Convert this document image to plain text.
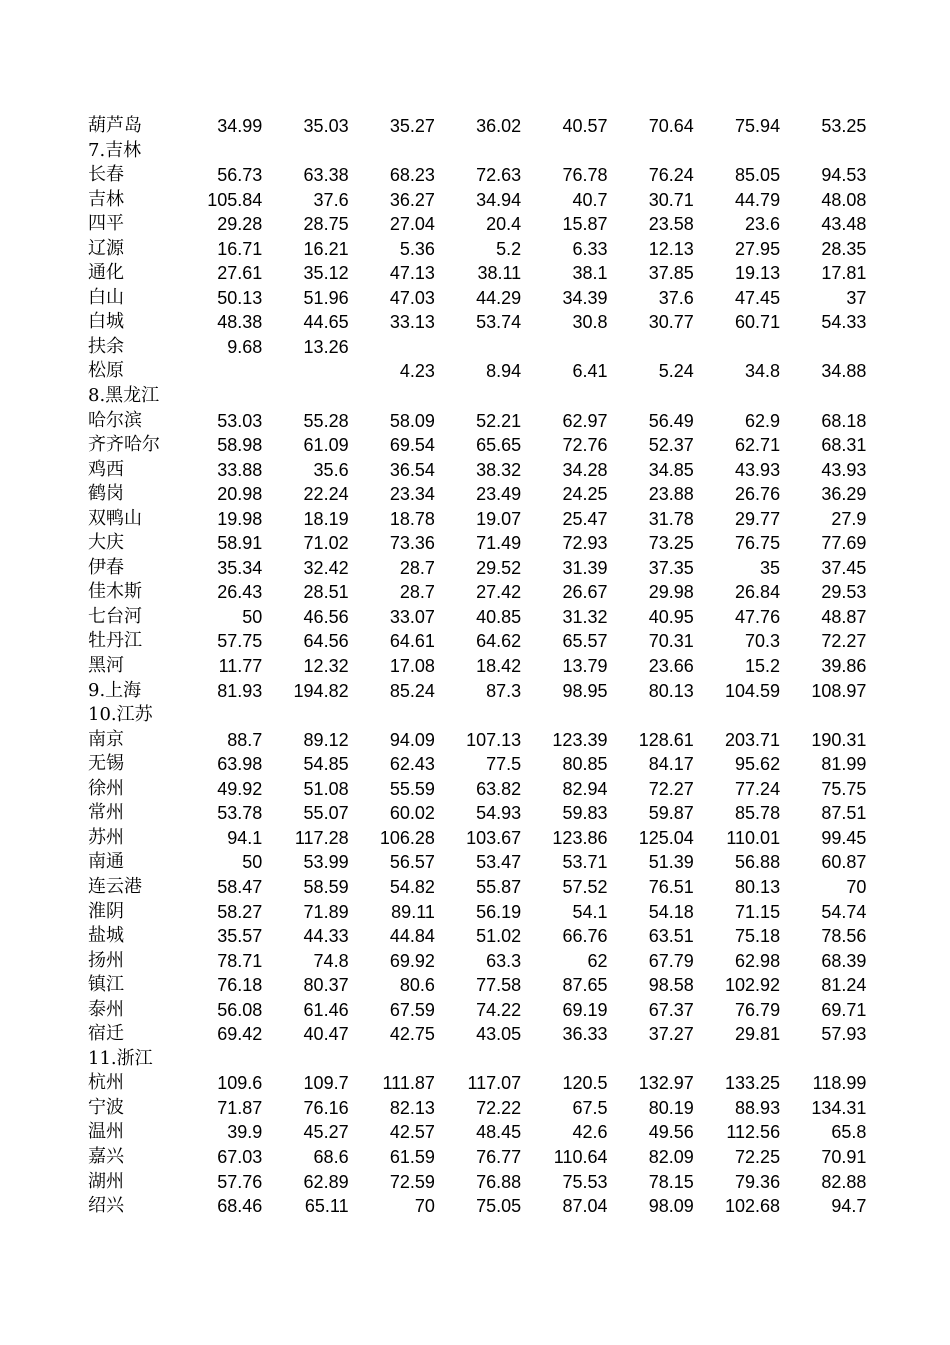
葫芦岛	34.99	35.03	35.27	36.02	40.57	70.64	75.94	53.25
7.吉林								
长春	56.73	63.38	68.23	72.63	76.78	76.24	85.05	94.53
吉林	105.84	37.6	36.27	34.94	40.7	30.71	44.79	48.08
四平	29.28	28.75	27.04	20.4	15.87	23.58	23.6	43.48
辽源	16.71	16.21	5.36	5.2	6.33	12.13	27.95	28.35
通化	27.61	35.12	47.13	38.11	38.1	37.85	19.13	17.81
白山	50.13	51.96	47.03	44.29	34.39	37.6	47.45	37
白城	48.38	44.65	33.13	53.74	30.8	30.77	60.71	54.33
扶余	9.68	13.26						
松原			4.23	8.94	6.41	5.24	34.8	34.88
8.黑龙江								
哈尔滨	53.03	55.28	58.09	52.21	62.97	56.49	62.9	68.18
齐齐哈尔	58.98	61.09	69.54	65.65	72.76	52.37	62.71	68.31
鸡西	33.88	35.6	36.54	38.32	34.28	34.85	43.93	43.93
鹤岗	20.98	22.24	23.34	23.49	24.25	23.88	26.76	36.29
双鸭山	19.98	18.19	18.78	19.07	25.47	31.78	29.77	27.9
大庆	58.91	71.02	73.36	71.49	72.93	73.25	76.75	77.69
伊春	35.34	32.42	28.7	29.52	31.39	37.35	35	37.45
佳木斯	26.43	28.51	28.7	27.42	26.67	29.98	26.84	29.53
七台河	50	46.56	33.07	40.85	31.32	40.95	47.76	48.87
牡丹江	57.75	64.56	64.61	64.62	65.57	70.31	70.3	72.27
黑河	11.77	12.32	17.08	18.42	13.79	23.66	15.2	39.86
9.上海	81.93	194.82	85.24	87.3	98.95	80.13	104.59	108.97
10.江苏								
南京	88.7	89.12	94.09	107.13	123.39	128.61	203.71	190.31
无锡	63.98	54.85	62.43	77.5	80.85	84.17	95.62	81.99
徐州	49.92	51.08	55.59	63.82	82.94	72.27	77.24	75.75
常州	53.78	55.07	60.02	54.93	59.83	59.87	85.78	87.51
苏州	94.1	117.28	106.28	103.67	123.86	125.04	110.01	99.45
南通	50	53.99	56.57	53.47	53.71	51.39	56.88	60.87
连云港	58.47	58.59	54.82	55.87	57.52	76.51	80.13	70
淮阴	58.27	71.89	89.11	56.19	54.1	54.18	71.15	54.74
盐城	35.57	44.33	44.84	51.02	66.76	63.51	75.18	78.56
扬州	78.71	74.8	69.92	63.3	62	67.79	62.98	68.39
镇江	76.18	80.37	80.6	77.58	87.65	98.58	102.92	81.24
泰州	56.08	61.46	67.59	74.22	69.19	67.37	76.79	69.71
宿迁	69.42	40.47	42.75	43.05	36.33	37.27	29.81	57.93
11.浙江								
杭州	109.6	109.7	111.87	117.07	120.5	132.97	133.25	118.99
宁波	71.87	76.16	82.13	72.22	67.5	80.19	88.93	134.31
温州	39.9	45.27	42.57	48.45	42.6	49.56	112.56	65.8
嘉兴	67.03	68.6	61.59	76.77	110.64	82.09	72.25	70.91
湖州	57.76	62.89	72.59	76.88	75.53	78.15	79.36	82.88
绍兴	68.46	65.11	70	75.05	87.04	98.09	102.68	94.7
